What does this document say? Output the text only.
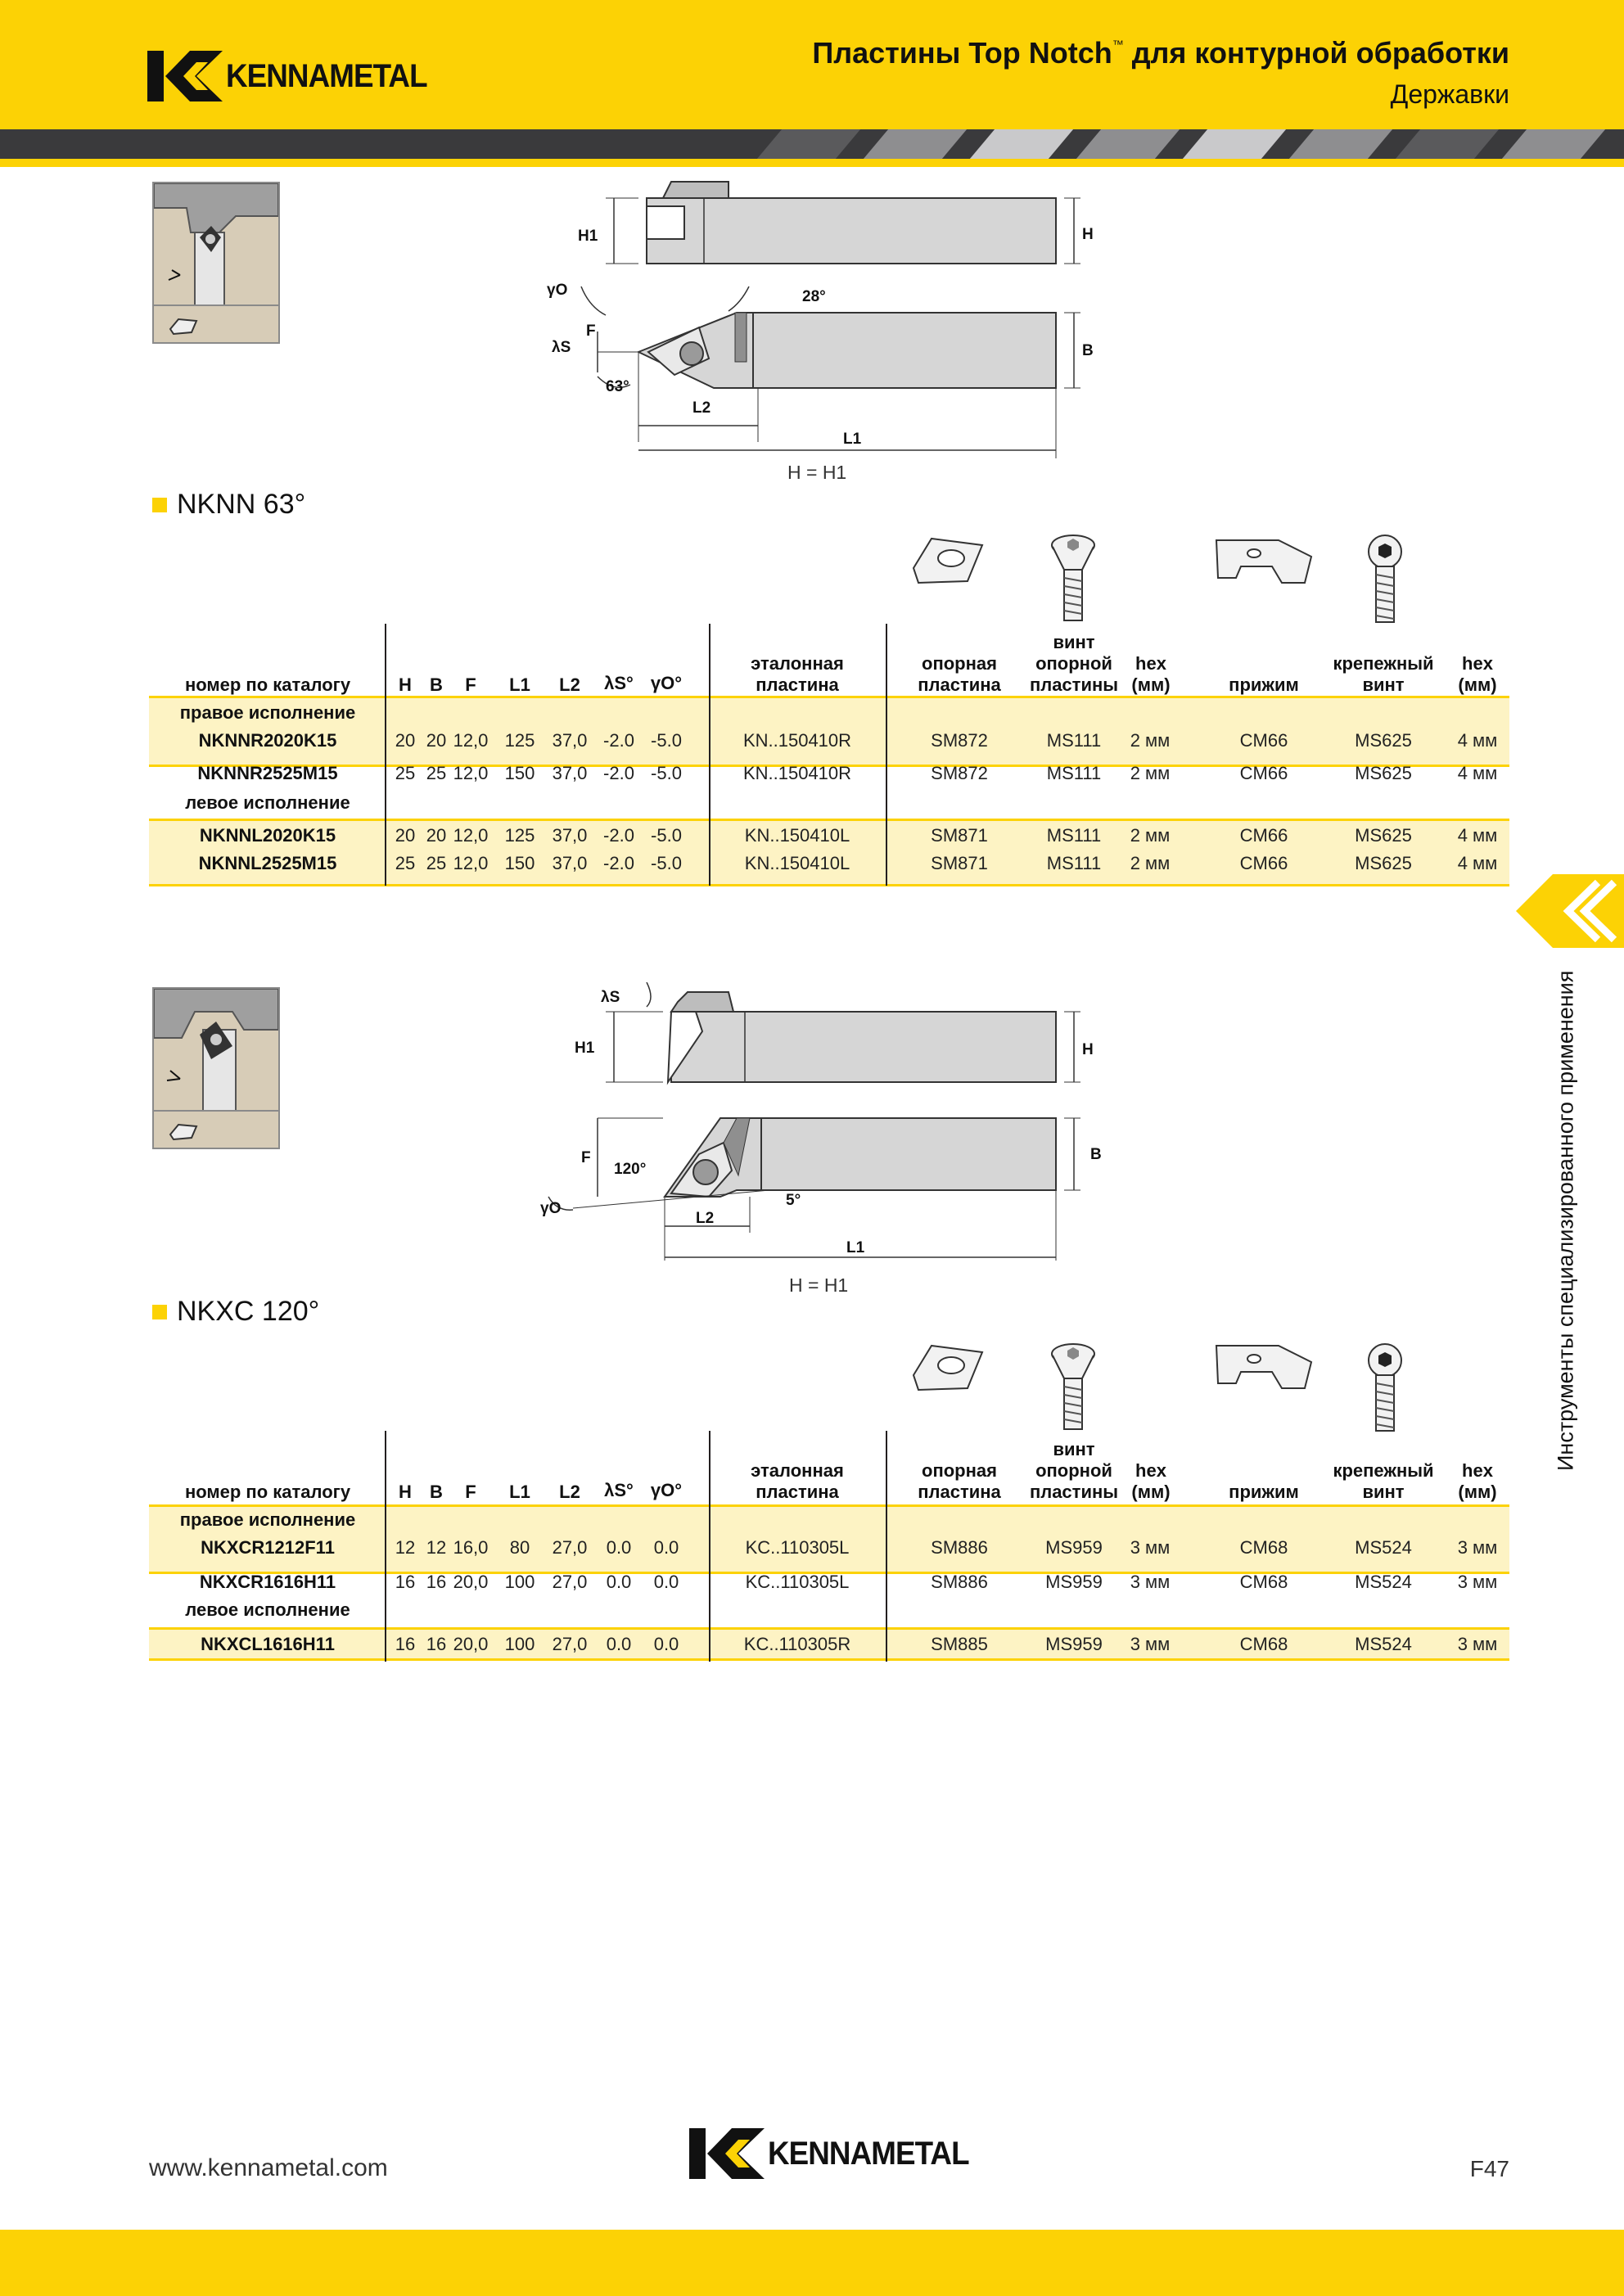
KENNAMETAL
Пластины Top Notch™ для контурной обработки
Державки
Инструменты специализированного применения
H1	H
γO	28°
F
λS	B
63°
L2
L1
H = H1
NKNN 63°
номер по каталогу	H	B	F	L1	L2	λS° γO°
эталонная
пластина
опорная
пластина
винт
опорной
пластины
hex
(мм)	прижим
крепежный
винт
hex
(мм)
правое исполнение
NKNNR2020K15	20 20 12,0 125 37,0 -2.0 -5.0	KN..150410R	SM872	MS111	2 мм	CM66	MS625	4 мм
NKNNR2525M15	25 25 12,0 150 37,0 -2.0 -5.0	KN..150410R	SM872	MS111	2 мм	CM66	MS625	4 мм
левое исполнение
NKNNL2020K15	20 20 12,0 125 37,0 -2.0 -5.0	KN..150410L	SM871	MS111	2 мм	CM66	MS625	4 мм
NKNNL2525M15	25 25 12,0 150 37,0 -2.0 -5.0	KN..150410L	SM871	MS111	2 мм	CM66	MS625	4 мм
λS
H1	H
F
120°
B
γO	5°
L2
L1
H = H1
NKXC 120°
номер по каталогу	H	B	F	L1	L2	λS° γO°
эталонная
пластина
опорная
пластина
винт
опорной
пластины
hex
(мм)	прижим
крепежный
винт
hex
(мм)
правое исполнение
NKXCR1212F11	12 12 16,0	80	27,0	0.0	0.0	KC..110305L	SM886	MS959	3 мм	CM68	MS524	3 мм
NKXCR1616H11	16 16 20,0 100 27,0	0.0	0.0	KC..110305L	SM886	MS959	3 мм	CM68	MS524	3 мм
левое исполнение
NKXCL1616H11	16 16 20,0 100 27,0	0.0	0.0	KC..110305R	SM885	MS959	3 мм	CM68	MS524	3 мм
www.kennametal.com	KENNAMETAL	F47
